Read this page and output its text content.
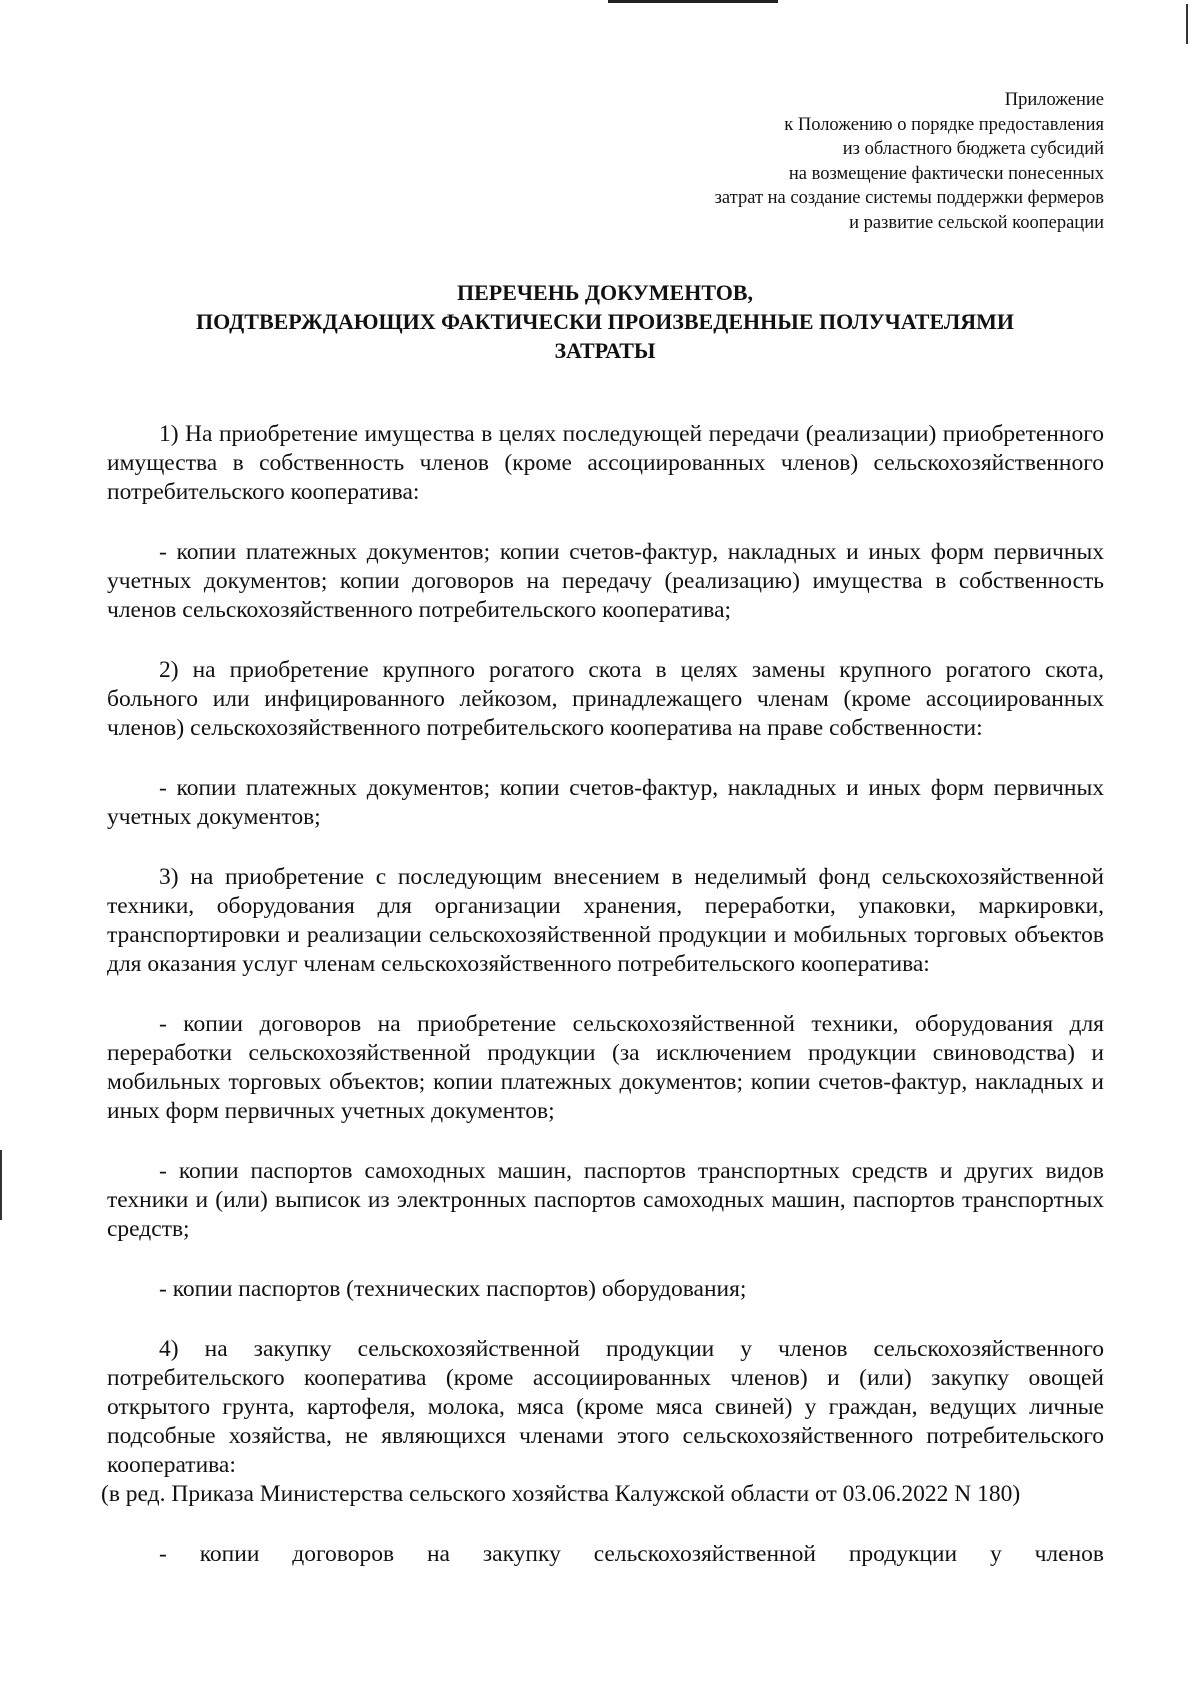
Приложение
к Положению о порядке предоставления
из областного бюджета субсидий
на возмещение фактически понесенных
затрат на создание системы поддержки фермеров
и развитие сельской кооперации
ПЕРЕЧЕНЬ ДОКУМЕНТОВ,
ПОДТВЕРЖДАЮЩИХ ФАКТИЧЕСКИ ПРОИЗВЕДЕННЫЕ ПОЛУЧАТЕЛЯМИ
ЗАТРАТЫ

1) На приобретение имущества в целях последующей передачи (реализации) приобретенного имущества в собственность членов (кроме ассоциированных членов) сельскохозяйственного потребительского кооператива:

- копии платежных документов; копии счетов-фактур, накладных и иных форм первичных учетных документов; копии договоров на передачу (реализацию) имущества в собственность членов сельскохозяйственного потребительского кооператива;

2) на приобретение крупного рогатого скота в целях замены крупного рогатого скота, больного или инфицированного лейкозом, принадлежащего членам (кроме ассоциированных членов) сельскохозяйственного потребительского кооператива на праве собственности:

- копии платежных документов; копии счетов-фактур, накладных и иных форм первичных учетных документов;

3) на приобретение с последующим внесением в неделимый фонд сельскохозяйственной техники, оборудования для организации хранения, переработки, упаковки, маркировки, транспортировки и реализации сельскохозяйственной продукции и мобильных торговых объектов для оказания услуг членам сельскохозяйственного потребительского кооператива:

- копии договоров на приобретение сельскохозяйственной техники, оборудования для переработки сельскохозяйственной продукции (за исключением продукции свиноводства) и мобильных торговых объектов; копии платежных документов; копии счетов-фактур, накладных и иных форм первичных учетных документов;

- копии паспортов самоходных машин, паспортов транспортных средств и других видов техники и (или) выписок из электронных паспортов самоходных машин, паспортов транспортных средств;

- копии паспортов (технических паспортов) оборудования;

4) на закупку сельскохозяйственной продукции у членов сельскохозяйственного потребительского кооператива (кроме ассоциированных членов) и (или) закупку овощей открытого грунта, картофеля, молока, мяса (кроме мяса свиней) у граждан, ведущих личные подсобные хозяйства, не являющихся членами этого сельскохозяйственного потребительского кооператива:

(в ред. Приказа Министерства сельского хозяйства Калужской области от 03.06.2022 N 180)

- копии договоров на закупку сельскохозяйственной продукции у членов
